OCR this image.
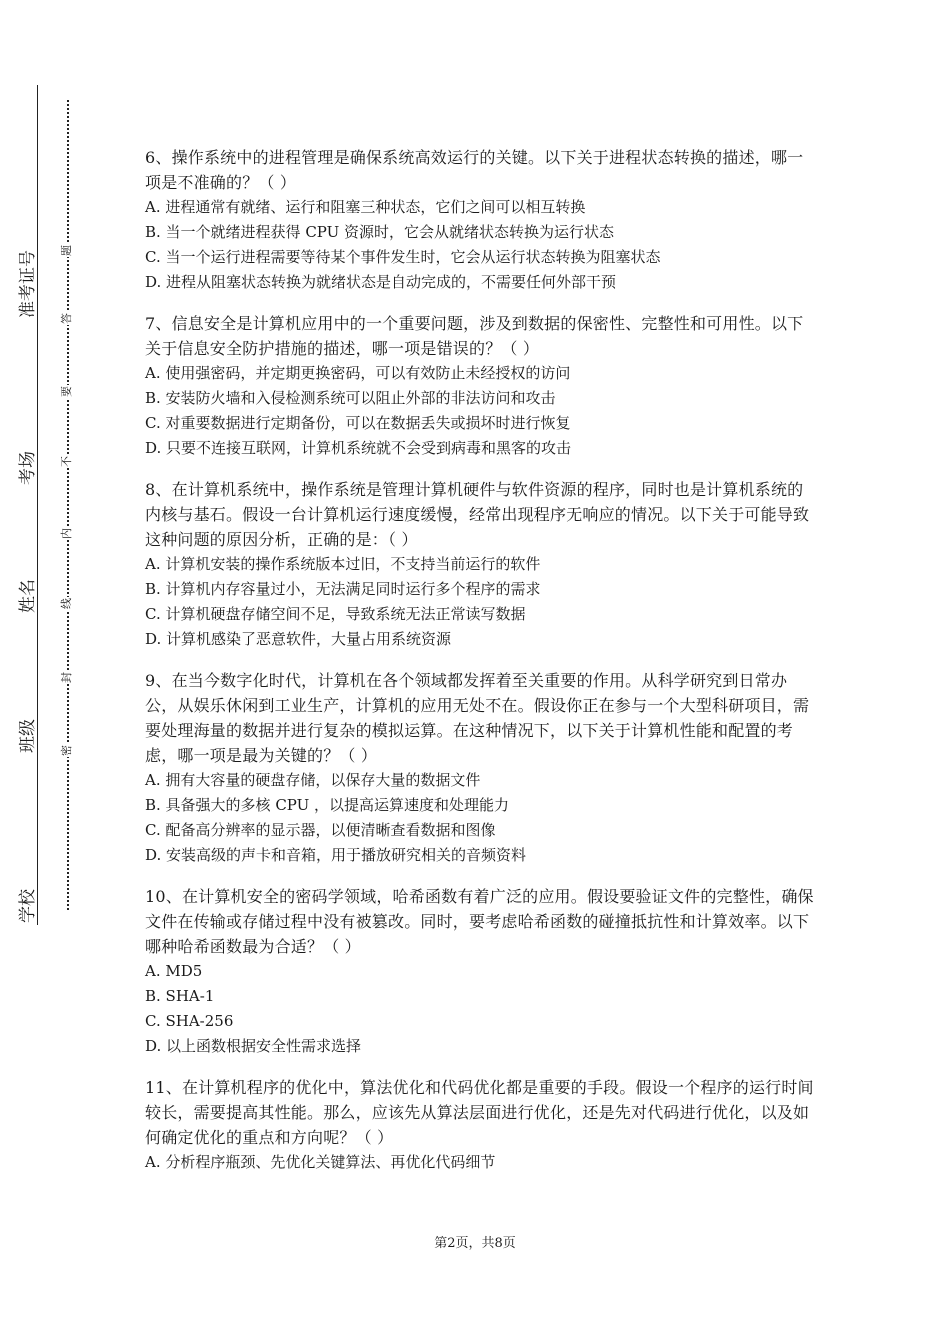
准考证号
考场
姓名
班级
学校
题
答
要
不
内
线
封
密

6、操作系统中的进程管理是确保系统高效运行的关键。以下关于进程状态转换的描述，哪一项是不准确的？（ ）

A. 进程通常有就绪、运行和阻塞三种状态，它们之间可以相互转换
B. 当一个就绪进程获得 CPU 资源时，它会从就绪状态转换为运行状态
C. 当一个运行进程需要等待某个事件发生时，它会从运行状态转换为阻塞状态
D. 进程从阻塞状态转换为就绪状态是自动完成的，不需要任何外部干预

7、信息安全是计算机应用中的一个重要问题，涉及到数据的保密性、完整性和可用性。以下关于信息安全防护措施的描述，哪一项是错误的？（ ）

A. 使用强密码，并定期更换密码，可以有效防止未经授权的访问
B. 安装防火墙和入侵检测系统可以阻止外部的非法访问和攻击
C. 对重要数据进行定期备份，可以在数据丢失或损坏时进行恢复
D. 只要不连接互联网，计算机系统就不会受到病毒和黑客的攻击

8、在计算机系统中，操作系统是管理计算机硬件与软件资源的程序，同时也是计算机系统的内核与基石。假设一台计算机运行速度缓慢，经常出现程序无响应的情况。以下关于可能导致这种问题的原因分析，正确的是：（ ）

A. 计算机安装的操作系统版本过旧，不支持当前运行的软件
B. 计算机内存容量过小，无法满足同时运行多个程序的需求
C. 计算机硬盘存储空间不足，导致系统无法正常读写数据
D. 计算机感染了恶意软件，大量占用系统资源

9、在当今数字化时代，计算机在各个领域都发挥着至关重要的作用。从科学研究到日常办公，从娱乐休闲到工业生产，计算机的应用无处不在。假设你正在参与一个大型科研项目，需要处理海量的数据并进行复杂的模拟运算。在这种情况下，以下关于计算机性能和配置的考虑，哪一项是最为关键的？（ ）

A. 拥有大容量的硬盘存储，以保存大量的数据文件
B. 具备强大的多核 CPU ，以提高运算速度和处理能力
C. 配备高分辨率的显示器，以便清晰查看数据和图像
D. 安装高级的声卡和音箱，用于播放研究相关的音频资料

10、在计算机安全的密码学领域，哈希函数有着广泛的应用。假设要验证文件的完整性，确保文件在传输或存储过程中没有被篡改。同时，要考虑哈希函数的碰撞抵抗性和计算效率。以下哪种哈希函数最为合适？（ ）

A. MD5
B. SHA-1
C. SHA-256
D. 以上函数根据安全性需求选择

11、在计算机程序的优化中，算法优化和代码优化都是重要的手段。假设一个程序的运行时间较长，需要提高其性能。那么，应该先从算法层面进行优化，还是先对代码进行优化，以及如何确定优化的重点和方向呢？（ ）

A. 分析程序瓶颈、先优化关键算法、再优化代码细节
第2页，共8页
